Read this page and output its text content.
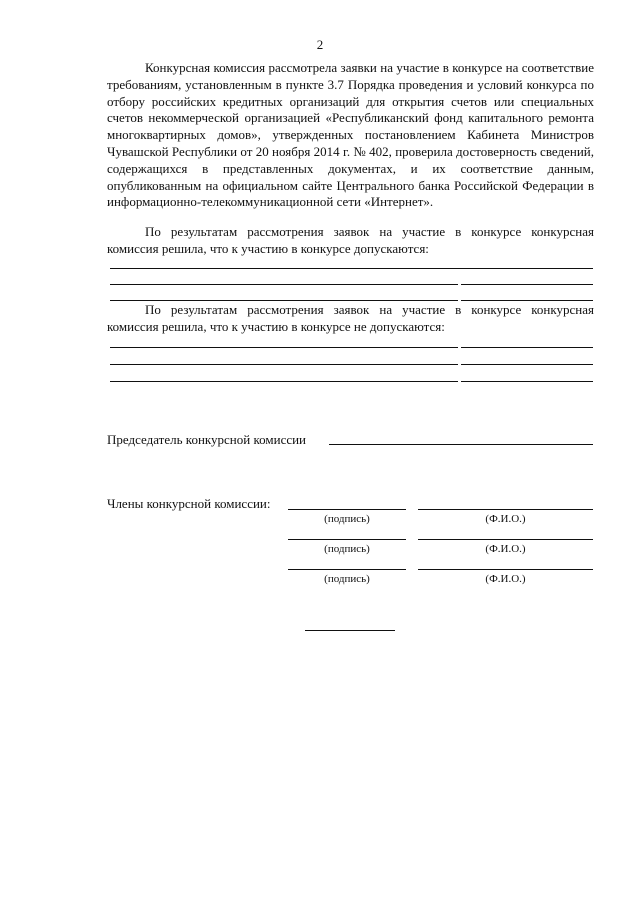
2

Конкурсная комиссия рассмотрела заявки на участие в конкурсе на соответствие требованиям, установленным в пункте 3.7 Порядка проведения и условий конкурса по отбору российских кредитных организаций для открытия счетов или специальных счетов некоммерческой организацией «Республиканский фонд капитального ремонта многоквартирных домов», утвержденных постановлением Кабинета Министров Чувашской Республики от 20 ноября 2014 г. № 402, проверила достоверность сведений, содержащихся в представленных документах, и их соответствие данным, опубликованным на официальном сайте Центрального банка Российской Федерации в информационно-телекоммуникационной сети «Интернет».

По результатам рассмотрения заявок на участие в конкурсе конкурсная комиссия решила, что к участию в конкурсе допускаются:

По результатам рассмотрения заявок на участие в конкурсе конкурсная комиссия решила, что к участию в конкурсе не допускаются:

Председатель конкурсной комиссии
Члены конкурсной комиссии:
(подпись)	(Ф.И.О.)
(подпись)	(Ф.И.О.)
(подпись)	(Ф.И.О.)
